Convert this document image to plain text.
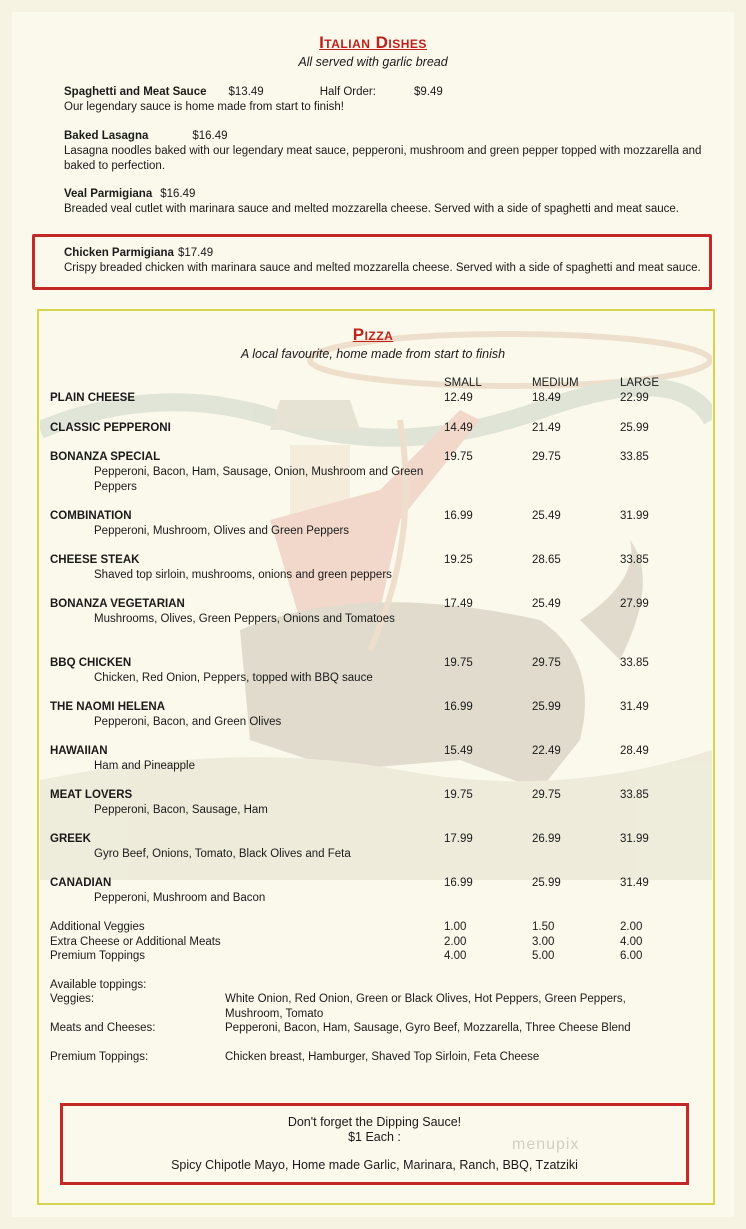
Italian Dishes
All served with garlic bread
Spaghetti and Meat Sauce $13.49	Half Order:	$9.49
Our legendary sauce is home made from start to finish!
Baked Lasagna	$16.49
Lasagna noodles baked with our legendary meat sauce, pepperoni, mushroom and green pepper topped with mozzarella and baked to perfection.
Veal Parmigiana $16.49
Breaded veal cutlet with marinara sauce and melted mozzarella cheese. Served with a side of spaghetti and meat sauce.
Chicken Parmigiana $17.49
Crispy breaded chicken with marinara sauce and melted mozzarella cheese. Served with a side of spaghetti and meat sauce.
Pizza
A local favourite, home made from start to finish
SMALL	MEDIUM	LARGE
PLAIN CHEESE	12.49	18.49	22.99
CLASSIC PEPPERONI	14.49	21.49	25.99
BONANZA SPECIAL
Pepperoni, Bacon, Ham, Sausage, Onion, Mushroom and Green Peppers
19.75	29.75	33.85
COMBINATION
Pepperoni, Mushroom, Olives and Green Peppers
16.99	25.49	31.99
CHEESE STEAK
Shaved top sirloin, mushrooms, onions and green peppers
19.25	28.65	33.85
BONANZA VEGETARIAN
Mushrooms, Olives, Green Peppers, Onions and Tomatoes
17.49	25.49	27.99
BBQ CHICKEN
Chicken, Red Onion, Peppers, topped with BBQ sauce
19.75	29.75	33.85
THE NAOMI HELENA
Pepperoni, Bacon, and Green Olives
16.99	25.99	31.49
HAWAIIAN
Ham and Pineapple
15.49	22.49	28.49
MEAT LOVERS
Pepperoni, Bacon, Sausage, Ham
19.75	29.75	33.85
GREEK
Gyro Beef, Onions, Tomato, Black Olives and Feta
17.99	26.99	31.99
CANADIAN
Pepperoni, Mushroom and Bacon
16.99	25.99	31.49
Additional Veggies	1.00	1.50	2.00
Extra Cheese or Additional Meats	2.00	3.00	4.00
Premium Toppings	4.00	5.00	6.00
Available toppings:
Veggies:	White Onion, Red Onion, Green or Black Olives, Hot Peppers, Green Peppers, Mushroom, Tomato
Meats and Cheeses:	Pepperoni, Bacon, Ham, Sausage, Gyro Beef, Mozzarella, Three Cheese Blend
Premium Toppings:	Chicken breast, Hamburger, Shaved Top Sirloin, Feta Cheese
Don't forget the Dipping Sauce!
$1 Each :
Spicy Chipotle Mayo, Home made Garlic, Marinara, Ranch, BBQ, Tzatziki
menupix
